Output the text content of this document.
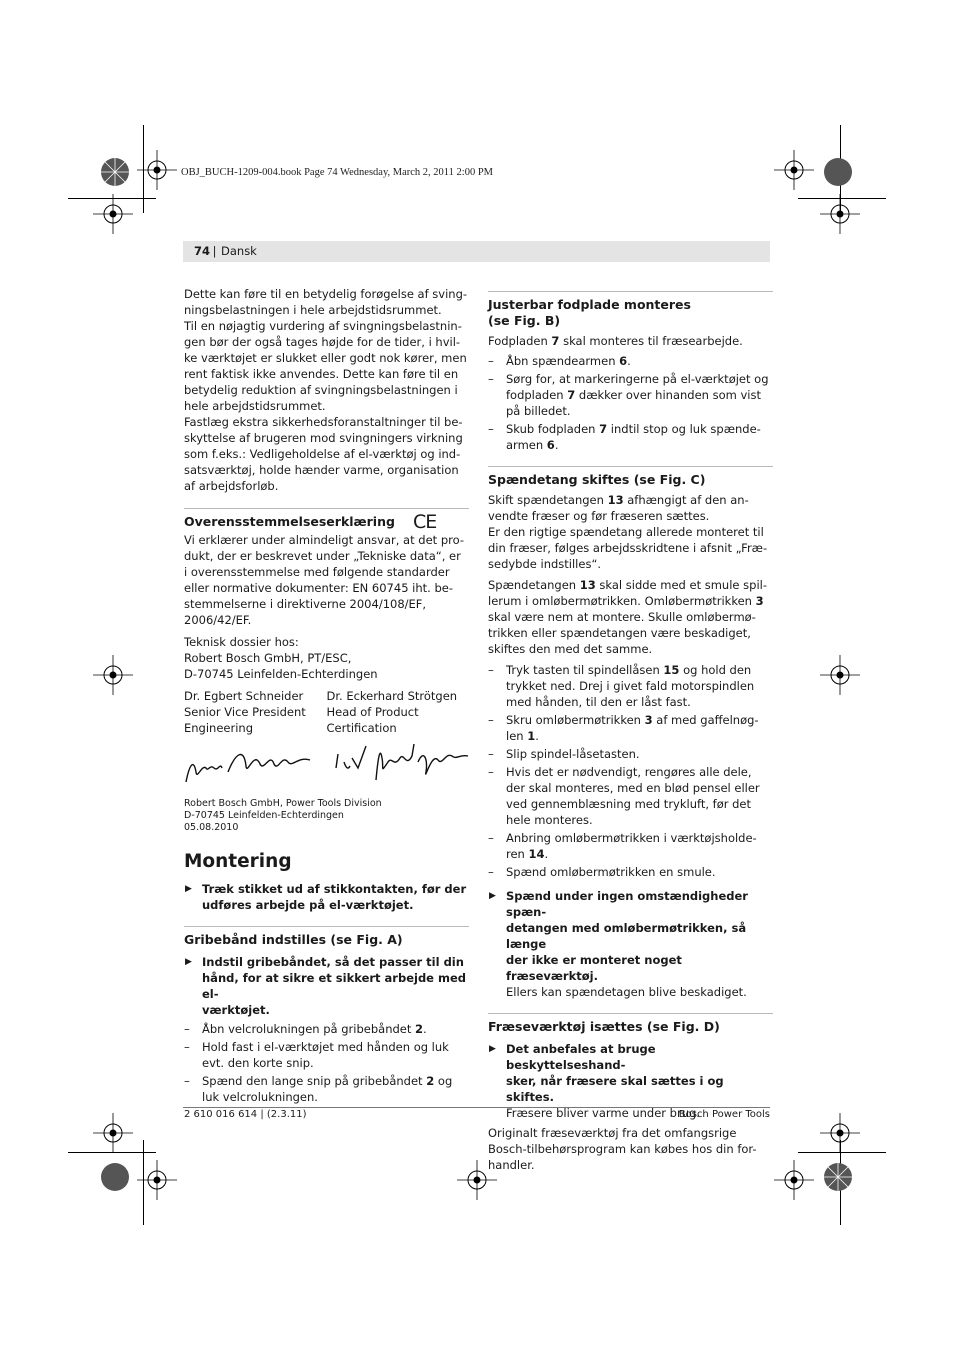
OBJ_BUCH-1209-004.book Page 74 Wednesday, March 2, 2011 2:00 PM
74
| Dansk

Dette kan føre til en betydelig forøgelse af sving-

ningsbelastningen i hele arbejdstidsrummet.

Til en nøjagtig vurdering af svingningsbelastnin-

gen bør der også tages højde for de tider, i hvil-

ke værktøjet er slukket eller godt nok kører, men

rent faktisk ikke anvendes. Dette kan føre til en

betydelig reduktion af svingningsbelastningen i

hele arbejdstidsrummet.

Fastlæg ekstra sikkerhedsforanstaltninger til be-

skyttelse af brugeren mod svingningers virkning

som f.eks.: Vedligeholdelse af el-værktøj og ind-

satsværktøj, holde hænder varme, organisation

af arbejdsforløb.

Overensstemmelseserklæring CE

Vi erklærer under almindeligt ansvar, at det pro-

dukt, der er beskrevet under „Tekniske data“, er

i overensstemmelse med følgende standarder

eller normative dokumenter: EN 60745 iht. be-

stemmelserne i direktiverne 2004/108/EF,

2006/42/EF.

Teknisk dossier hos:

Robert Bosch GmbH, PT/ESC,

D-70745 Leinfelden-Echterdingen

Dr. Egbert Schneider

Senior Vice President

Engineering

Dr. Eckerhard Strötgen

Head of Product

Certification

Robert Bosch GmbH, Power Tools Division

D-70745 Leinfelden-Echterdingen

05.08.2010

Montering
▶ Træk stikket ud af stikkontakten, før der
udføres arbejde på el-værktøjet.
Gribebånd indstilles (se Fig. A)
▶ Indstil gribebåndet, så det passer til din
hånd, for at sikre et sikkert arbejde med el-
værktøjet.
– Åbn velcrolukningen på gribebåndet 2.
– Hold fast i el-værktøjet med hånden og luk
evt. den korte snip.
– Spænd den lange snip på gribebåndet 2 og
luk velcrolukningen.
Justerbar fodplade monteres
(se Fig. B)

Fodpladen 7 skal monteres til fræsearbejde.

– Åbn spændearmen 6.
– Sørg for, at markeringerne på el-værktøjet og
fodpladen 7 dækker over hinanden som vist
på billedet.
– Skub fodpladen 7 indtil stop og luk spænde-
armen 6.
Spændetang skiftes (se Fig. C)

Skift spændetangen 13 afhængigt af den an-

vendte fræser og før fræseren sættes.

Er den rigtige spændetang allerede monteret til

din fræser, følges arbejdsskridtene i afsnit „Fræ-

sedybde indstilles“.

Spændetangen 13 skal sidde med et smule spil-

lerum i omløbermøtrikken. Omløbermøtrikken 3

skal være nem at montere. Skulle omløbermø-

trikken eller spændetangen være beskadiget,

skiftes den med det samme.

– Tryk tasten til spindellåsen 15 og hold den
trykket ned. Drej i givet fald motorspindlen
med hånden, til den er låst fast.
– Skru omløbermøtrikken 3 af med gaffelnøg-
len 1.
– Slip spindel-låsetasten.
– Hvis det er nødvendigt, rengøres alle dele,
der skal monteres, med en blød pensel eller
ved gennemblæsning med trykluft, før det
hele monteres.
– Anbring omløbermøtrikken i værktøjsholde-
ren 14.
– Spænd omløbermøtrikken en smule.
▶ Spænd under ingen omstændigheder spæn-
detangen med omløbermøtrikken, så længe
der ikke er monteret noget fræseværktøj.
Ellers kan spændetagen blive beskadiget.
Fræseværktøj isættes (se Fig. D)
▶ Det anbefales at bruge beskyttelseshand-
sker, når fræsere skal sættes i og skiftes.
Fræsere bliver varme under brug.

Originalt fræseværktøj fra det omfangsrige

Bosch-tilbehørsprogram kan købes hos din for-

handler.

2 610 016 614 | (2.3.11)	Bosch Power Tools
